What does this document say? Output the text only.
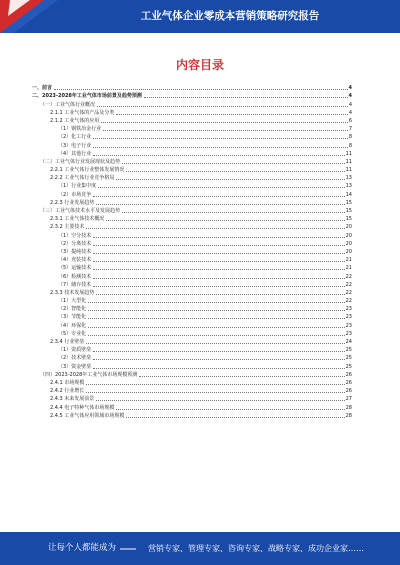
工业气体企业零成本营销策略研究报告
内容目录
一、前言	4
二、2023-2028年工业气体市场前景及趋势预测	4
（一）工业气体行业概况	4
2.1.1 工业气体的产品及分类	4
2.1.2 工业气体的应用	6
（1）钢铁冶金行业	7
（2）化工行业	8
（3）电子行业	8
（4）其他行业	11
（二）工业气体行业发展现状及趋势	11
2.2.1 工业气体行业整体发展情况	11
2.2.2 工业气体行业竞争格局	13
（1）行业集中度	13
（2）市场竞争	14
2.2.3 行业发展趋势	15
（三）工业气体技术水平及发展趋势	15
2.3.1 工业气体技术概况	15
2.3.2 主要技术	20
（1）空分技术	20
（2）分离技术	20
（3）提纯技术	20
（4）充装技术	21
（5）运输技术	21
（6）检测技术	22
（7）储存技术	22
2.3.3 技术发展趋势	22
（1）大型化	22
（2）智能化	23
（3）节能化	23
（4）环保化	23
（5）专业化	23
2.3.4 行业壁垒	24
（1）资质壁垒	25
（2）技术壁垒	25
（3）资金壁垒	25
（四）2023-2028年工业气体市场规模预测	26
2.4.1 市场规模	26
2.4.2 行业增长	26
2.4.3 未来发展前景	27
2.4.4 电子特种气体市场规模	28
2.4.5 工业气体应用领域市场规模	28
让每个人都能成为	营销专家、管理专家、咨询专家、战略专家、成功企业家……
